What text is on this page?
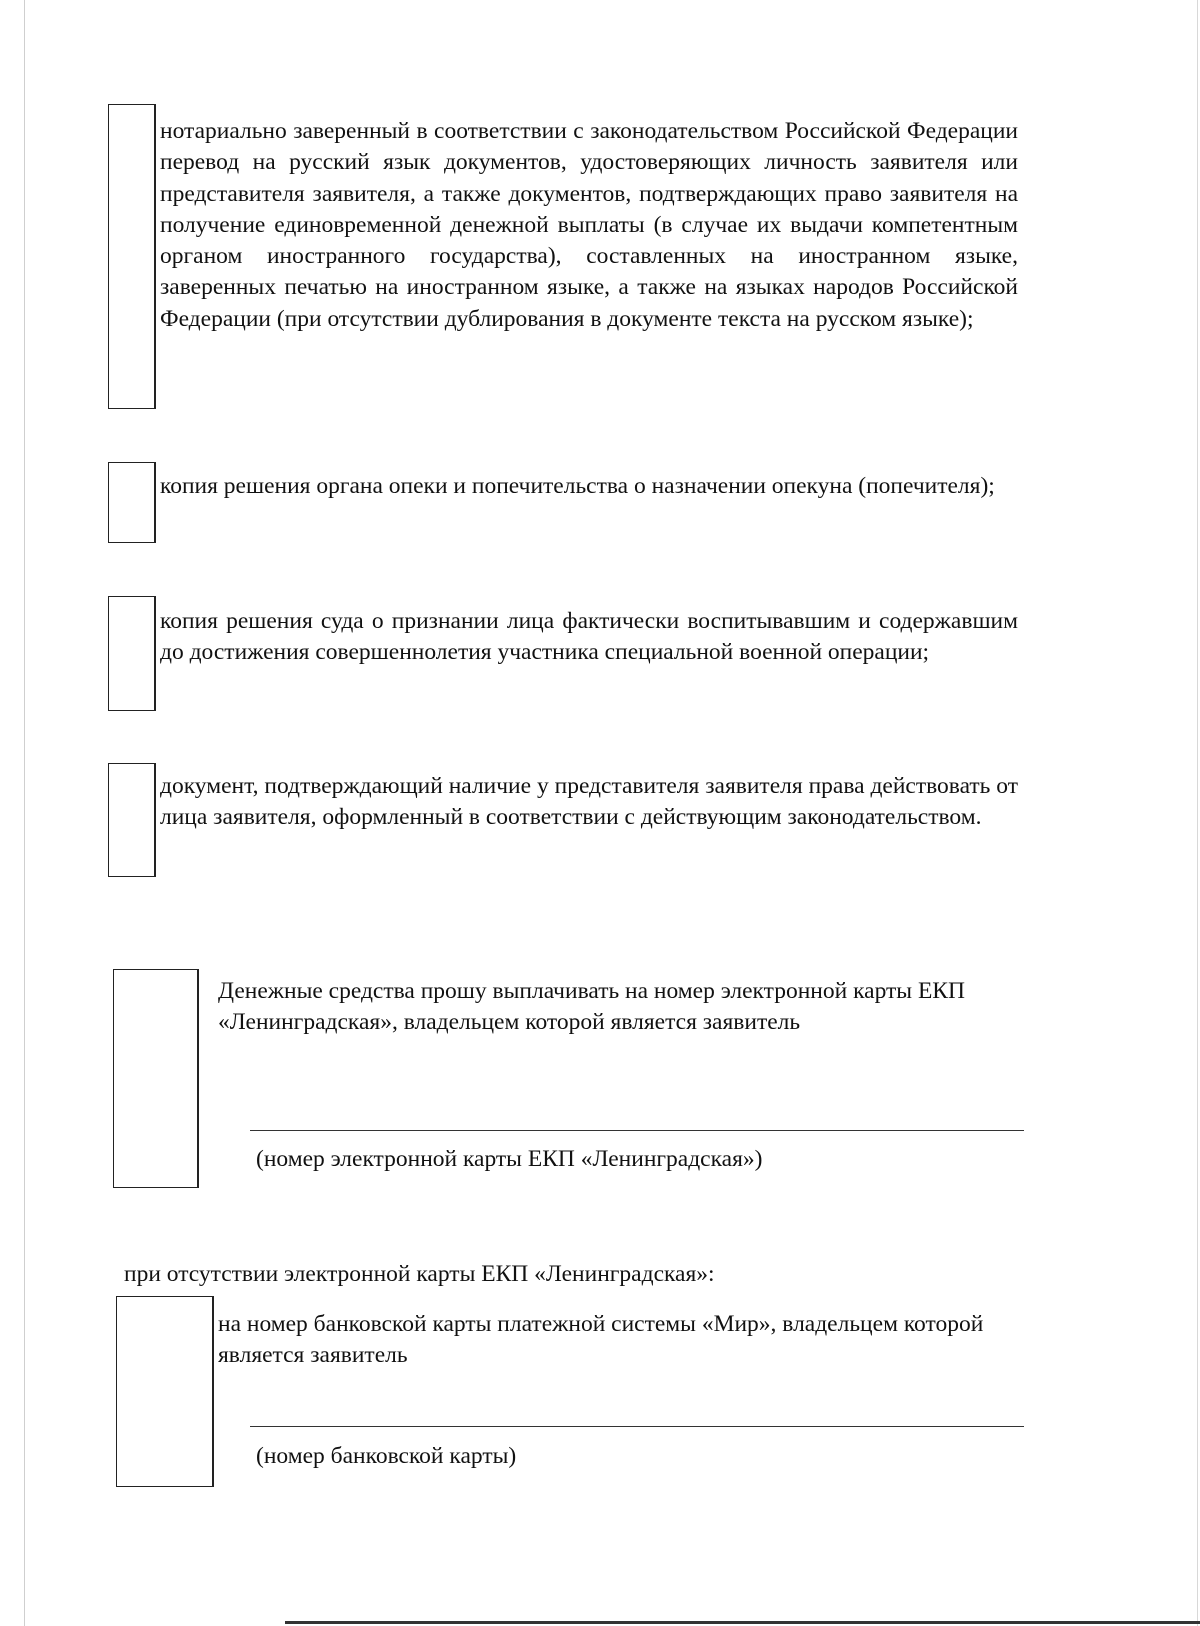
нотариально заверенный в соответствии с законодательством Российской Федерации перевод на русский язык документов, удостоверяющих личность заявителя или представителя заявителя, а также документов, подтверждающих право заявителя на получение единовременной денежной выплаты (в случае их выдачи компетентным органом иностранного государства), составленных на иностранном языке, заверенных печатью на иностранном языке, а также на языках народов Российской Федерации (при отсутствии дублирования в документе текста на русском языке);
копия решения органа опеки и попечительства о назначении опекуна (попечителя);
копия решения суда о признании лица фактически воспитывавшим и содержавшим до достижения совершеннолетия участника специальной военной операции;
документ, подтверждающий наличие у представителя заявителя права действовать от лица заявителя, оформленный в соответствии с действующим законодательством.
Денежные средства прошу выплачивать на номер электронной карты ЕКП «Ленинградская», владельцем которой является заявитель
(номер электронной карты ЕКП «Ленинградская»)
при отсутствии электронной карты ЕКП «Ленинградская»:
на номер банковской карты платежной системы «Мир», владельцем которой является заявитель
(номер банковской карты)
